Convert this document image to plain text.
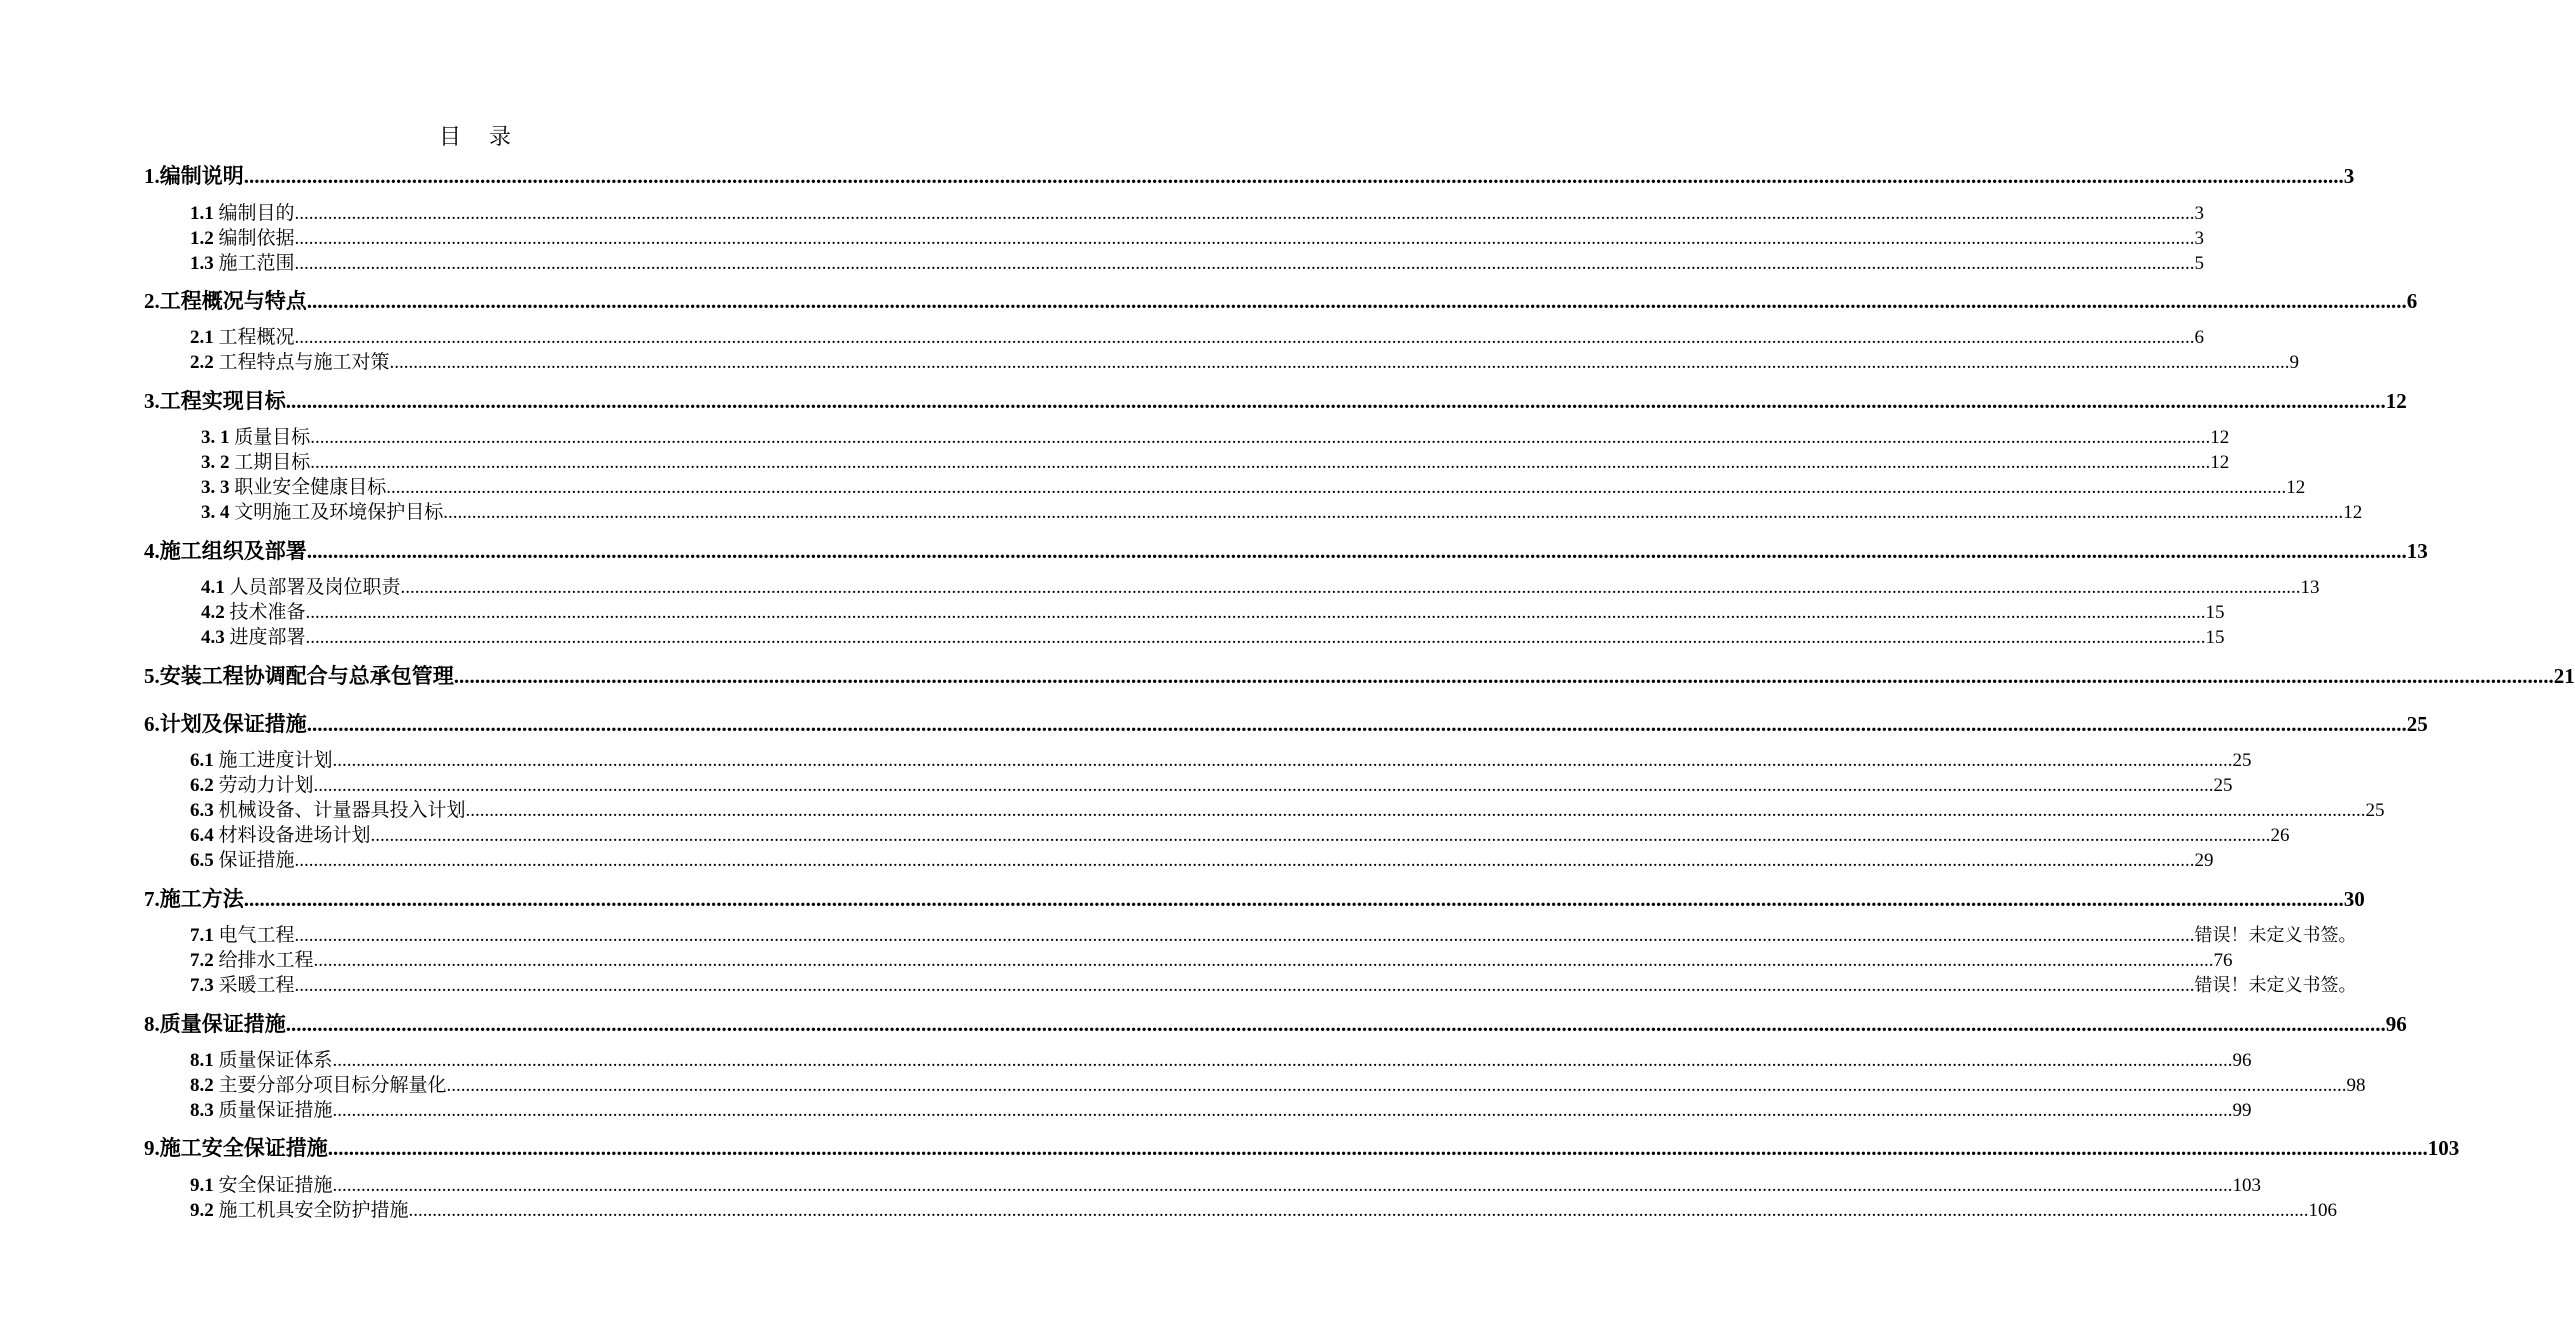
目录
1.编制说明 ................................................................................................................................................................................................................................................................................................................................................................................................................ 3
1.1 编制目的 ................................................................................................................................................................................................................................................................................................................................................................................................................ 3
1.2 编制依据 ................................................................................................................................................................................................................................................................................................................................................................................................................ 3
1.3 施工范围 ................................................................................................................................................................................................................................................................................................................................................................................................................ 5
2.工程概况与特点 ................................................................................................................................................................................................................................................................................................................................................................................................................ 6
2.1 工程概况 ................................................................................................................................................................................................................................................................................................................................................................................................................ 6
2.2 工程特点与施工对策 ................................................................................................................................................................................................................................................................................................................................................................................................................ 9
3.工程实现目标 ................................................................................................................................................................................................................................................................................................................................................................................................................ 12
3. 1 质量目标 ................................................................................................................................................................................................................................................................................................................................................................................................................ 12
3. 2 工期目标 ................................................................................................................................................................................................................................................................................................................................................................................................................ 12
3. 3 职业安全健康目标 ................................................................................................................................................................................................................................................................................................................................................................................................................ 12
3. 4 文明施工及环境保护目标 ................................................................................................................................................................................................................................................................................................................................................................................................................ 12
4.施工组织及部署 ................................................................................................................................................................................................................................................................................................................................................................................................................ 13
4.1 人员部署及岗位职责 ................................................................................................................................................................................................................................................................................................................................................................................................................ 13
4.2 技术准备 ................................................................................................................................................................................................................................................................................................................................................................................................................ 15
4.3 进度部署 ................................................................................................................................................................................................................................................................................................................................................................................................................ 15
5.安装工程协调配合与总承包管理 ................................................................................................................................................................................................................................................................................................................................................................................................................ 21
6.计划及保证措施 ................................................................................................................................................................................................................................................................................................................................................................................................................ 25
6.1 施工进度计划 ................................................................................................................................................................................................................................................................................................................................................................................................................ 25
6.2 劳动力计划 ................................................................................................................................................................................................................................................................................................................................................................................................................ 25
6.3 机械设备、计量器具投入计划 ................................................................................................................................................................................................................................................................................................................................................................................................................ 25
6.4 材料设备进场计划 ................................................................................................................................................................................................................................................................................................................................................................................................................ 26
6.5 保证措施 ................................................................................................................................................................................................................................................................................................................................................................................................................ 29
7.施工方法 ................................................................................................................................................................................................................................................................................................................................................................................................................ 30
7.1 电气工程 ................................................................................................................................................................................................................................................................................................................................................................................................................ 错误！未定义书签。
7.2 给排水工程 ................................................................................................................................................................................................................................................................................................................................................................................................................ 76
7.3 采暖工程 ................................................................................................................................................................................................................................................................................................................................................................................................................ 错误！未定义书签。
8.质量保证措施 ................................................................................................................................................................................................................................................................................................................................................................................................................ 96
8.1 质量保证体系 ................................................................................................................................................................................................................................................................................................................................................................................................................ 96
8.2 主要分部分项目标分解量化 ................................................................................................................................................................................................................................................................................................................................................................................................................ 98
8.3 质量保证措施 ................................................................................................................................................................................................................................................................................................................................................................................................................ 99
9.施工安全保证措施 ................................................................................................................................................................................................................................................................................................................................................................................................................ 103
9.1 安全保证措施 ................................................................................................................................................................................................................................................................................................................................................................................................................ 103
9.2 施工机具安全防护措施 ................................................................................................................................................................................................................................................................................................................................................................................................................ 106
